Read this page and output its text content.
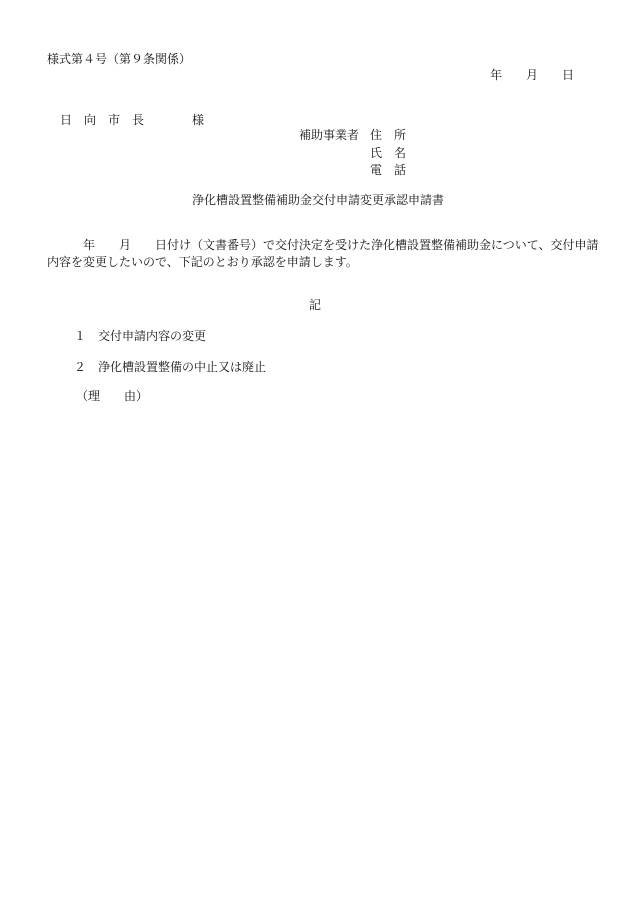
様式第４号（第９条関係）

年　　月　　日

日　向　市　長　　　　様

補助事業者 住　所

氏　名

電　話

浄化槽設置整備補助金交付申請変更承認申請書

　　　年　　月　　日付け（文書番号）で交付決定を受けた浄化槽設置整備補助金について、交付申請

内容を変更したいので、下記のとおり承認を申請します。

記

１　交付申請内容の変更

２　浄化槽設置整備の中止又は廃止

（理　　由）
